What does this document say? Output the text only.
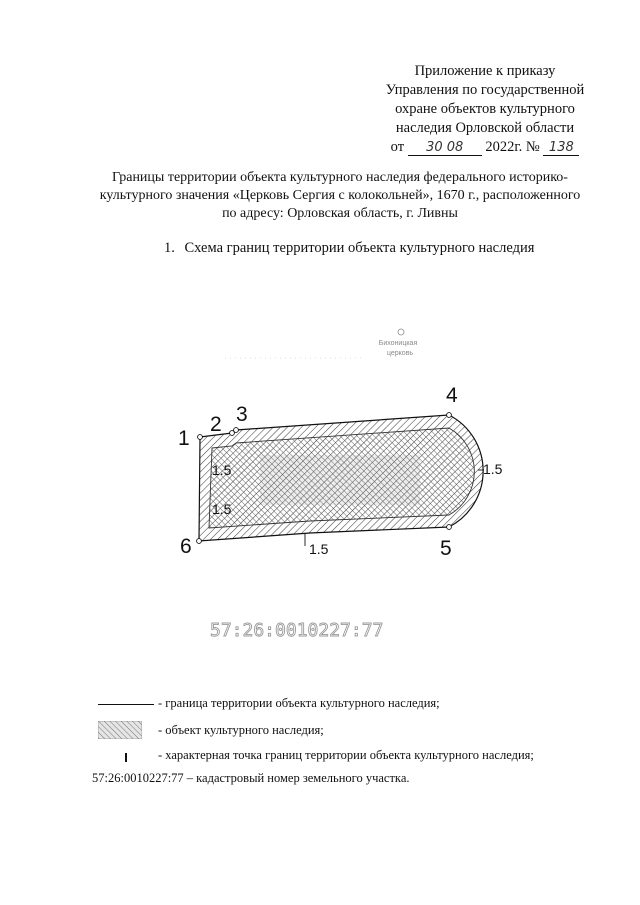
Приложение к приказу
Управления по государственной
охране объектов культурного
наследия Орловской области
от 30 08 2022г. № 138
Границы территории объекта культурного наследия федерального историко-
культурного значения «Церковь Сергия с колокольней», 1670 г., расположенного
по адресу: Орловская область, г. Ливны
1. Схема границ территории объекта культурного наследия
Бихоницкая
церковь
1
2 3
4
5
6
1.5
1.5
1.5
1.5
57:26:0010227:77
- граница территории объекта культурного наследия;
- объект культурного наследия;
- характерная точка границ территории объекта культурного наследия;
57:26:0010227:77 – кадастровый номер земельного участка.
